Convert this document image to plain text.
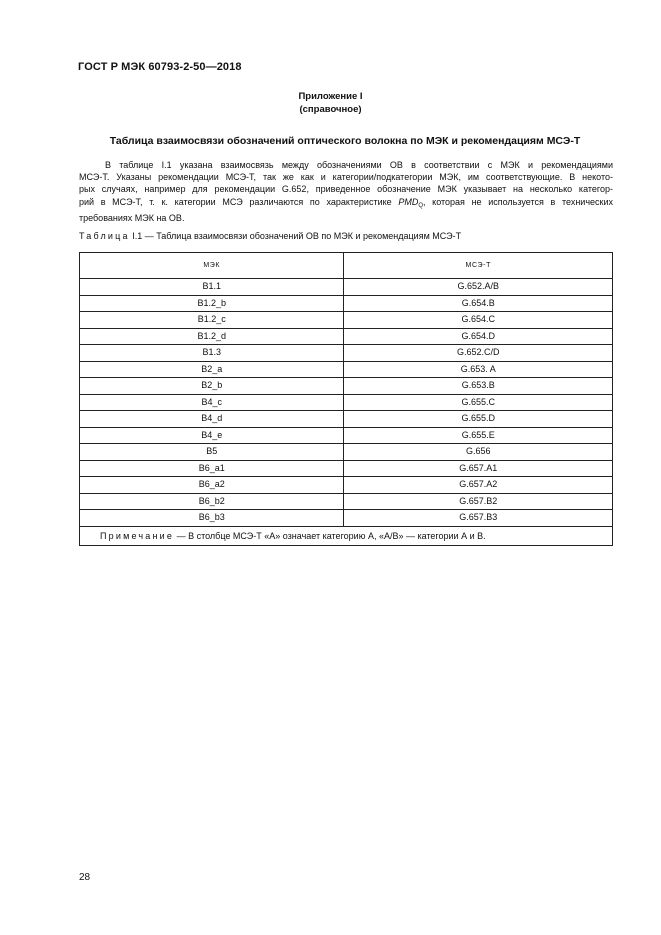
ГОСТ Р МЭК 60793-2-50—2018
Приложение I
(справочное)
Таблица взаимосвязи обозначений оптического волокна по МЭК и рекомендациям МСЭ-Т
В таблице I.1 указана взаимосвязь между обозначениями ОВ в соответствии с МЭК и рекомендациями
МСЭ-Т. Указаны рекомендации МСЭ-Т, так же как и категории/подкатегории МЭК, им соответствующие. В некото-
рых случаях, например для рекомендации G.652, приведенное обозначение МЭК указывает на несколько категор-
рий в МСЭ-Т, т. к. категории МСЭ различаются по характеристике $PMD_Q$, которая не используется в технических
требованиях МЭК на ОВ.
Таблица I.1 — Таблица взаимосвязи обозначений ОВ по МЭК и рекомендациям МСЭ-Т
МЭК	МСЭ-Т
B1.1	G.652.A/B
B1.2_b	G.654.B
B1.2_c	G.654.C
B1.2_d	G.654.D
B1.3	G.652.C/D
B2_a	G.653. A
B2_b	G.653.B
B4_c	G.655.C
B4_d	G.655.D
B4_e	G.655.E
B5	G.656
B6_a1	G.657.A1
B6_a2	G.657.A2
B6_b2	G.657.B2
B6_b3	G.657.B3
Примечание — В столбце МСЭ-Т «А» означает категорию А, «А/В» — категории А и В.	
28
